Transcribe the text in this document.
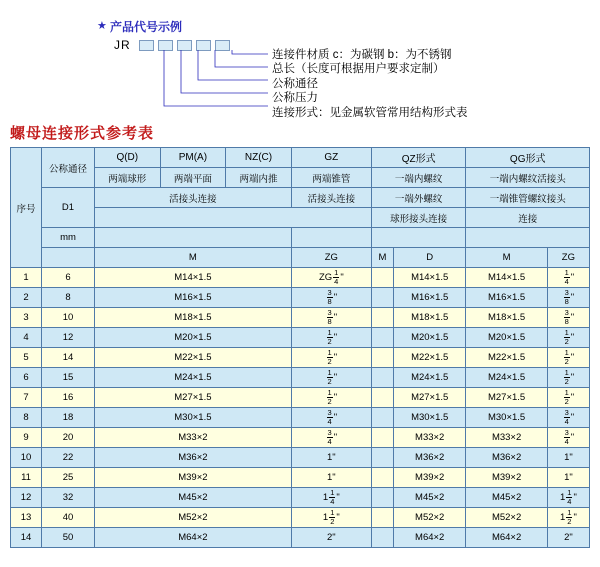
★ 产品代号示例
JR
连接件材质 c：为碳钢 b：为不锈钢
总长（长度可根据用户要求定制）
公称通径
公称压力
连接形式：见金属软管常用结构形式表
螺母连接形式参考表
序号	公称通径	Q(D)	PM(A)	NZ(C)	GZ	QZ形式		QG形式	
		两端球形	两端平面	两端内推	两端锥管	一端内螺纹		一端内螺纹活接头	
	D1	活接头连接			活接头连接	一端外螺纹		一端锥管螺纹接头	
						球形接头连接		连接	
	mm								
		M			ZG	M	D	M	ZG
1	6	M14×1.5			ZG $\frac{1}{4}$ "		M14×1.5	M14×1.5	$\frac{1}{4}$ "
2	8	M16×1.5			$\frac{3}{8}$ "		M16×1.5	M16×1.5	$\frac{3}{8}$ "
3	10	M18×1.5			$\frac{3}{8}$ "		M18×1.5	M18×1.5	$\frac{3}{8}$ "
4	12	M20×1.5			$\frac{1}{2}$ "		M20×1.5	M20×1.5	$\frac{1}{2}$ "
5	14	M22×1.5			$\frac{1}{2}$ "		M22×1.5	M22×1.5	$\frac{1}{2}$ "
6	15	M24×1.5			$\frac{1}{2}$ "		M24×1.5	M24×1.5	$\frac{1}{2}$ "
7	16	M27×1.5			$\frac{1}{2}$ "		M27×1.5	M27×1.5	$\frac{1}{2}$ "
8	18	M30×1.5			$\frac{3}{4}$ "		M30×1.5	M30×1.5	$\frac{3}{4}$ "
9	20	M33×2			$\frac{3}{4}$ "		M33×2	M33×2	$\frac{3}{4}$ "
10	22	M36×2			1"		M36×2	M36×2	1"
11	25	M39×2			1"		M39×2	M39×2	1"
12	32	M45×2			$1 \frac{1}{4}$ "		M45×2	M45×2	$1 \frac{1}{4}$ "
13	40	M52×2			$1 \frac{1}{2}$ "		M52×2	M52×2	$1 \frac{1}{2}$ "
14	50	M64×2			2"		M64×2	M64×2	2"
